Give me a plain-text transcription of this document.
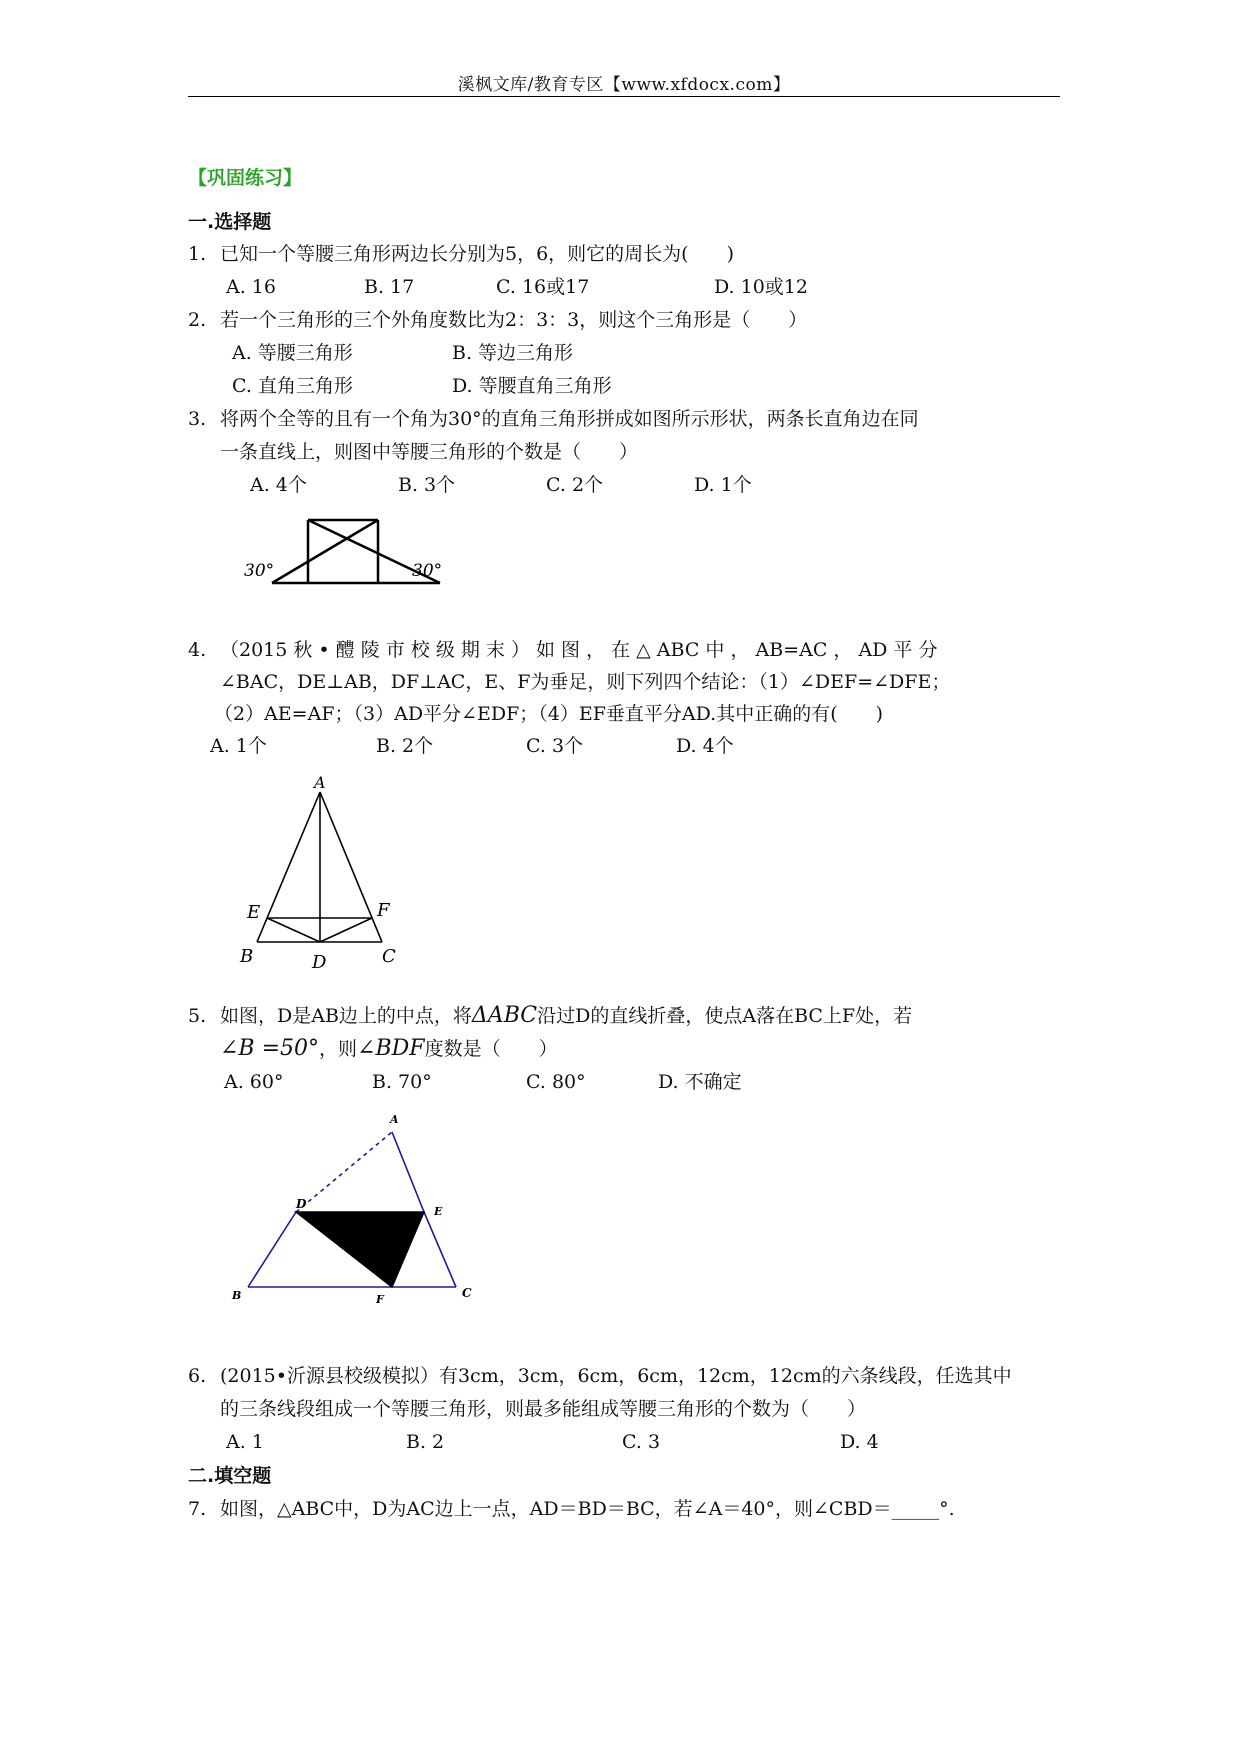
溪枫文库/教育专区【www.xfdocx.com】
【巩固练习】
一.选择题
1. 已知一个等腰三角形两边长分别为5，6，则它的周长为(　　)
A. 16	B. 17	C. 16或17	D. 10或12
2. 若一个三角形的三个外角度数比为2：3：3，则这个三角形是（　　）
A. 等腰三角形	B. 等边三角形
C. 直角三角形	D. 等腰直角三角形
3. 将两个全等的且有一个角为30°的直角三角形拼成如图所示形状，两条长直角边在同
一条直线上，则图中等腰三角形的个数是（　　）
A. 4个	B. 3个	C. 2个	D. 1个
30°	30°
4. （2015 秋 • 醴 陵 市 校 级 期 末 ） 如 图 ， 在 △ ABC 中 ， AB=AC ， AD 平 分
∠BAC，DE⊥AB，DF⊥AC，E、F为垂足，则下列四个结论：（1）∠DEF=∠DFE；
（2）AE=AF；（3）AD平分∠EDF；（4）EF垂直平分AD.其中正确的有(　　)
A. 1个	B. 2个	C. 3个	D. 4个
A
B	C
D
E	F
5. 如图，D是AB边上的中点，将ΔABC沿过D的直线折叠，使点A落在BC上F处，若
∠B =50°，则∠BDF度数是（　　）
A. 60°	B. 70°	C. 80°	D. 不确定
A
B	C
D
E
F
6. (2015•沂源县校级模拟）有3cm，3cm，6cm，6cm，12cm，12cm的六条线段，任选其中
的三条线段组成一个等腰三角形，则最多能组成等腰三角形的个数为（　　）
A. 1	B. 2	C. 3	D. 4
二.填空题
7. 如图，△ABC中，D为AC边上一点，AD＝BD＝BC，若∠A＝40°，则∠CBD＝_____°.
